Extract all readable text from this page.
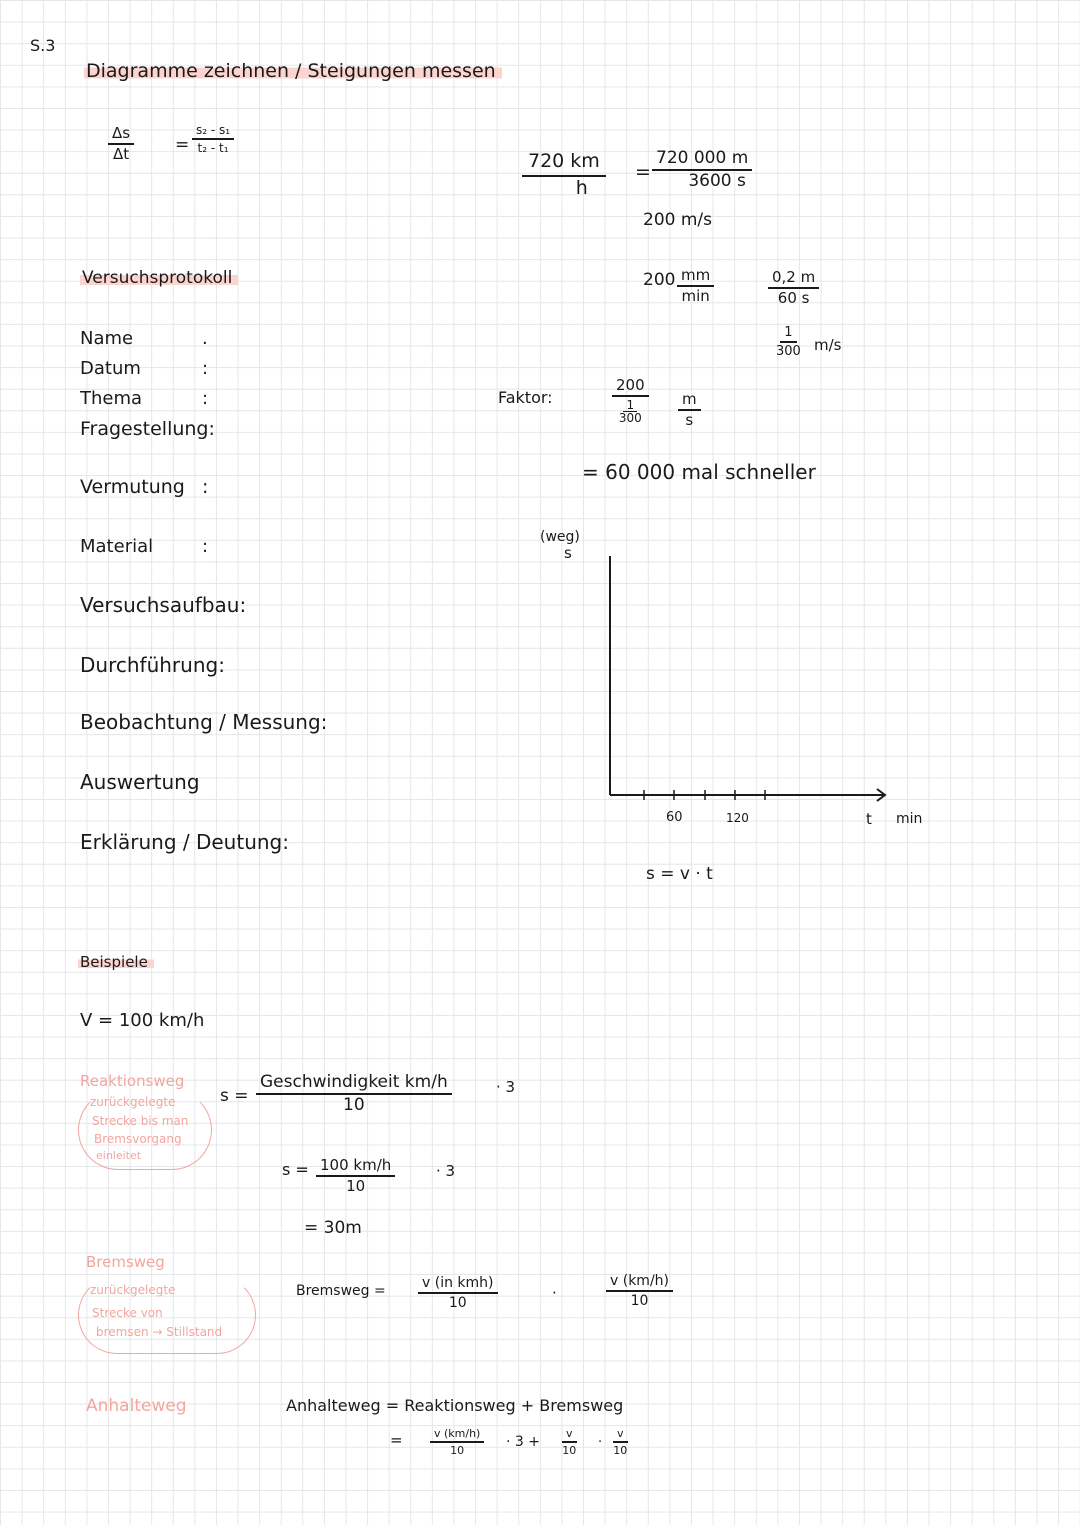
S.3
Diagramme zeichnen / Steigungen messen
$\frac{\Delta s}{\Delta t} = \frac{\text{s₂ - s₁}}{\text{t₂ - t₁}}$
$\frac{720 km}{h} = \frac{720 000 m}{3600 s}$
200 m/s
200 mm
min	$\frac{0,2 m}{60 s}$
$\frac{1}{300} m/s$
Faktor:
200
1
$300 \frac{m}{s}$
= 60 000 mal schneller
Versuchsprotokoll
Name	.
Datum	:
Thema	:
Fragestellung:
Vermutung :
Material	:
Versuchsaufbau:
Durchführung:
Beobachtung / Messung:
Auswertung
Erklärung / Deutung:
(weg)
s
60	120	t min
s = v · t
Beispiele
V = 100 km/h
Reaktionsweg
zurückgelegte
Strecke bis man
Bremsvorgang
einleitet
s =
Geschwindigkeit km/h
10
· 3
$s = \frac{100 km/h}{10}$	· 3
= 30m
Bremsweg
zurückgelegte
Strecke von
bremsen → Stillstand
Bremsweg =	v (in kmh)
10
·	$\frac{v (km/h)}{10}$
Anhalteweg	Anhalteweg = Reaktionsweg + Bremsweg
= $\frac{v (km/h)}{10} \cdot 3 + \frac{v}{10} \cdot \frac{v}{10}$
